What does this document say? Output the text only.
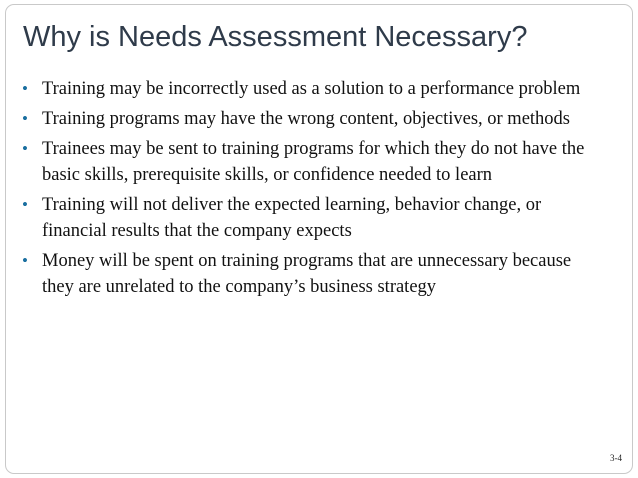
Why is Needs Assessment Necessary?
• Training may be incorrectly used as a solution to a performance problem
• Training programs may have the wrong content, objectives, or methods
• Trainees may be sent to training programs for which they do not have the basic skills, prerequisite skills, or confidence needed to learn
• Training will not deliver the expected learning, behavior change, or financial results that the company expects
• Money will be spent on training programs that are unnecessary because they are unrelated to the company’s business strategy
3-4
